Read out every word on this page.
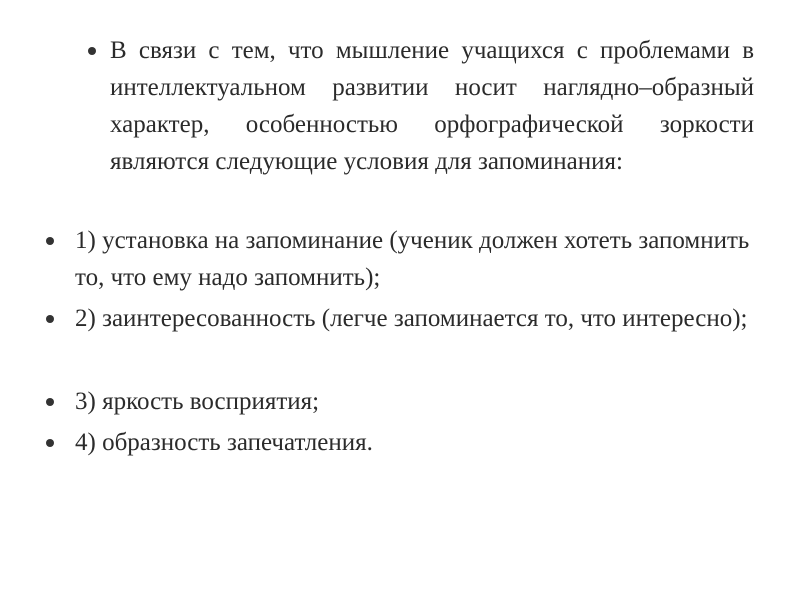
В связи с тем, что мышление учащихся с проблемами в интеллектуальном развитии носит наглядно–образный характер, особенностью орфографической зоркости являются следующие условия для запоминания:
1) установка на запоминание (ученик должен хотеть запомнить то, что ему надо запомнить);
2) заинтересованность (легче запоминается то, что интересно);
3) яркость восприятия;
4) образность запечатления.
